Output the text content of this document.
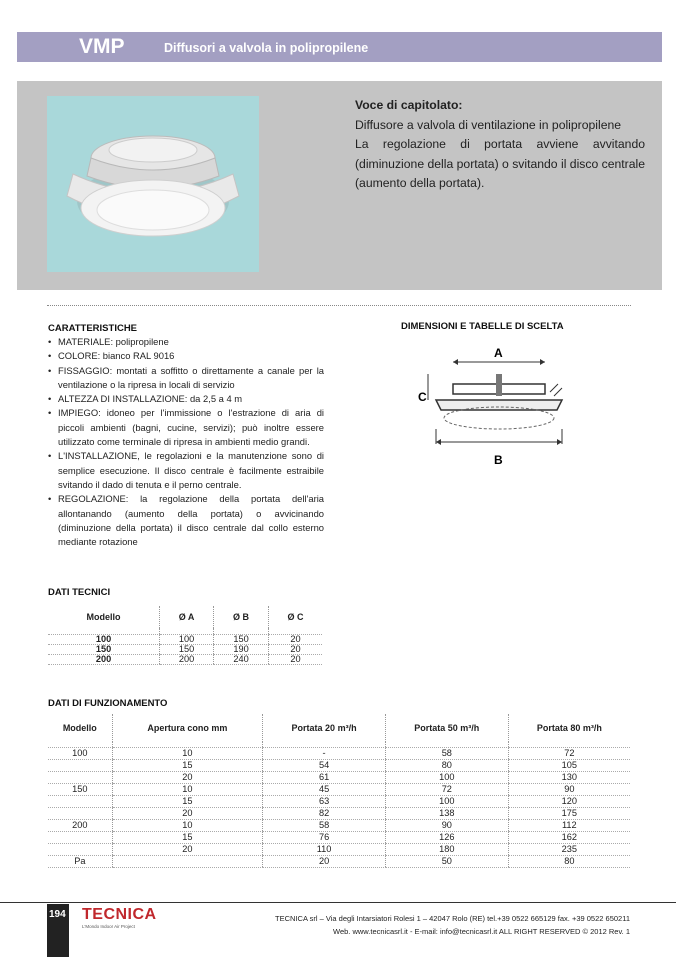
VMP	Diffusori a valvola in polipropilene
Voce di capitolato:
Diffusore a valvola di ventilazione in polipropilene
La regolazione di portata avviene avvitando (diminuzione della portata) o svitando il disco centrale (aumento della portata).
CARATTERISTICHE
• MATERIALE: polipropilene
• COLORE: bianco RAL 9016
• FISSAGGIO: montati a soffitto o direttamente a canale per la ventilazione o la ripresa in locali di servizio
• ALTEZZA DI INSTALLAZIONE: da 2,5 a 4 m
• IMPIEGO: idoneo per l'immissione o l'estrazione di aria di piccoli ambienti (bagni, cucine, servizi); può inoltre essere utilizzato come terminale di ripresa in ambienti medio grandi.
• L'INSTALLAZIONE, le regolazioni e la manutenzione sono di semplice esecuzione. Il disco centrale è facilmente estraibile svitando il dado di tenuta e il perno centrale.
• REGOLAZIONE: la regolazione della portata dell'aria allontanando (aumento della portata) o avvicinando (diminuzione della portata) il disco centrale dal collo esterno mediante rotazione
DIMENSIONI E TABELLE DI SCELTA
A
C
B
DATI TECNICI
Modello	Ø A	Ø B	Ø C

100	100	150	20
150	150	190	20
200	200	240	20
DATI DI FUNZIONAMENTO
Modello	Apertura cono mm	Portata 20 m³/h	Portata 50 m³/h	Portata 80 m³/h

100	10	-	58	72
	15	54	80	105
	20	61	100	130
150	10	45	72	90
	15	63	100	120
	20	82	138	175
200	10	58	90	112
	15	76	126	162
	20	110	180	235
Pa		20	50	80
194 TECNICA
L'Mondo Indoor Air Project
TECNICA srl – Via degli Intarsiatori Rolesi 1 – 42047 Rolo (RE) tel.+39 0522 665129 fax. +39 0522 650211
Web. www.tecnicasrl.it - E-mail: info@tecnicasrl.it ALL RIGHT RESERVED © 2012 Rev. 1
